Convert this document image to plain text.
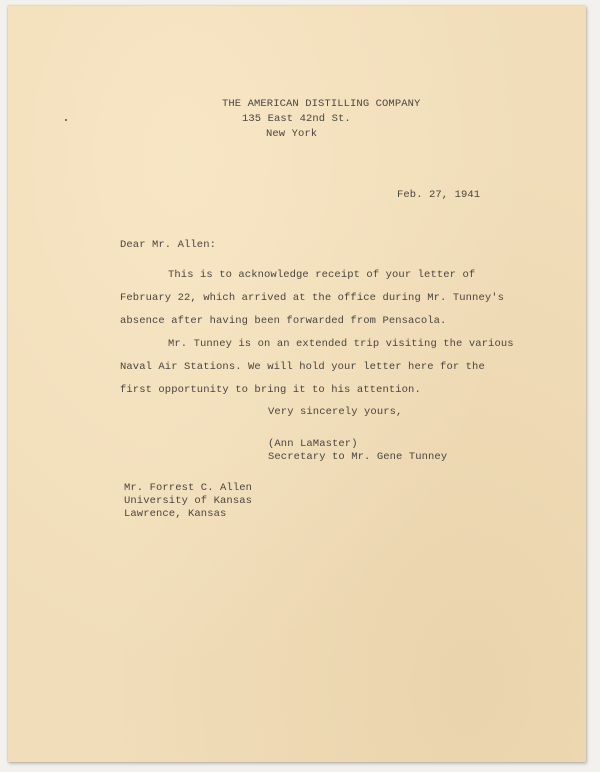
THE AMERICAN DISTILLING COMPANY
135 East 42nd St.
New York
Feb. 27, 1941
Dear Mr. Allen:
This is to acknowledge receipt of your letter of
February 22, which arrived at the office during Mr. Tunney's
absence after having been forwarded from Pensacola.
Mr. Tunney is on an extended trip visiting the various
Naval Air Stations. We will hold your letter here for the
first opportunity to bring it to his attention.
Very sincerely yours,
(Ann LaMaster)
Secretary to Mr. Gene Tunney
Mr. Forrest C. Allen
University of Kansas
Lawrence, Kansas
